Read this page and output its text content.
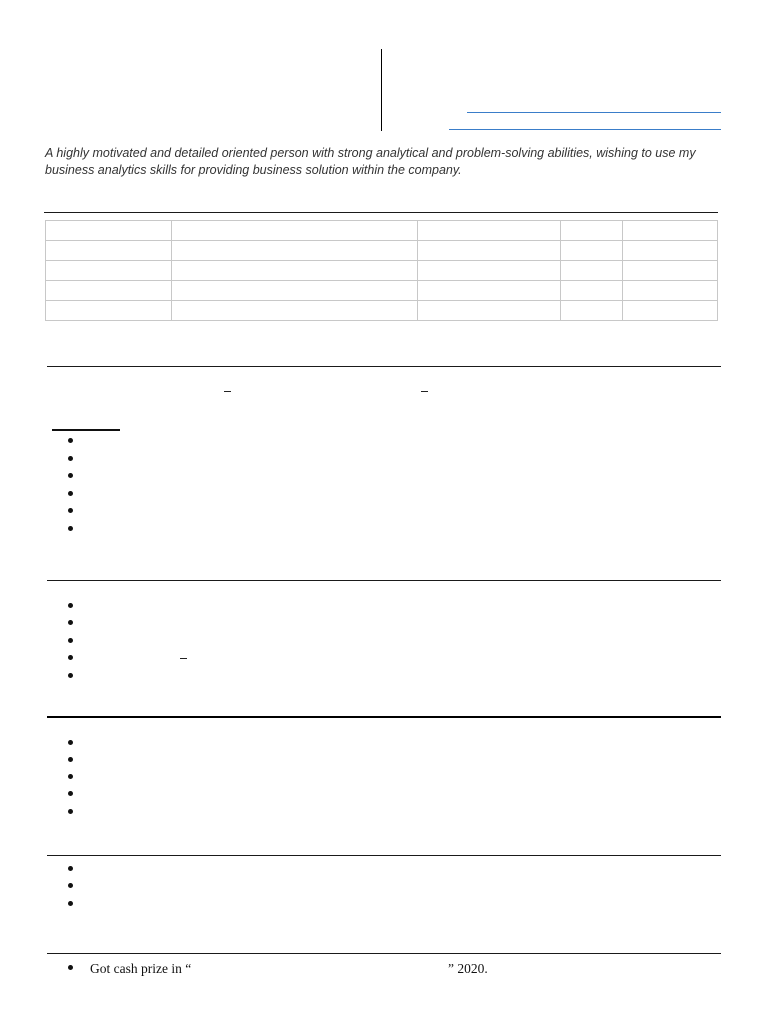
A highly motivated and detailed oriented person with strong analytical and problem-solving abilities, wishing to use my business analytics skills for providing business solution within the company.

Got cash prize in “	” 2020.
